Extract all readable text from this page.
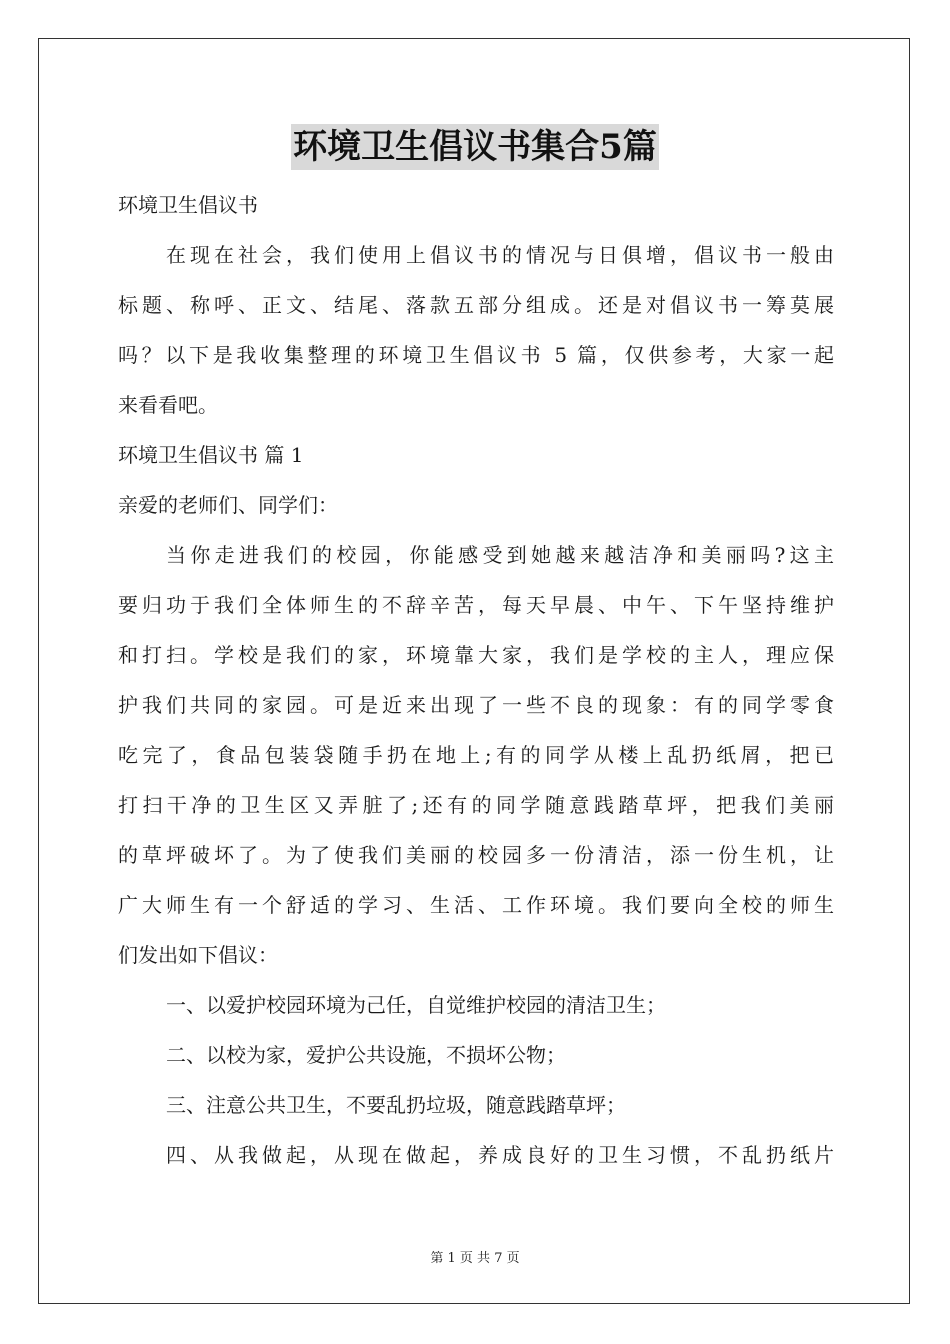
环境卫生倡议书集合5篇

环境卫生倡议书

在现在社会，我们使用上倡议书的情况与日俱增，倡议书一般由

标题、称呼、正文、结尾、落款五部分组成。还是对倡议书一筹莫展

吗？以下是我收集整理的环境卫生倡议书 5 篇，仅供参考，大家一起

来看看吧。

环境卫生倡议书 篇 1

亲爱的老师们、同学们：

当你走进我们的校园，你能感受到她越来越洁净和美丽吗?这主

要归功于我们全体师生的不辞辛苦，每天早晨、中午、下午坚持维护

和打扫。学校是我们的家，环境靠大家，我们是学校的主人，理应保

护我们共同的家园。可是近来出现了一些不良的现象：有的同学零食

吃完了，食品包装袋随手扔在地上;有的同学从楼上乱扔纸屑，把已

打扫干净的卫生区又弄脏了;还有的同学随意践踏草坪，把我们美丽

的草坪破坏了。为了使我们美丽的校园多一份清洁，添一份生机，让

广大师生有一个舒适的学习、生活、工作环境。我们要向全校的师生

们发出如下倡议：

一、以爱护校园环境为己任，自觉维护校园的清洁卫生；

二、以校为家，爱护公共设施，不损坏公物；

三、注意公共卫生，不要乱扔垃圾，随意践踏草坪；

四、从我做起，从现在做起，养成良好的卫生习惯，不乱扔纸片

第 1 页 共 7 页
